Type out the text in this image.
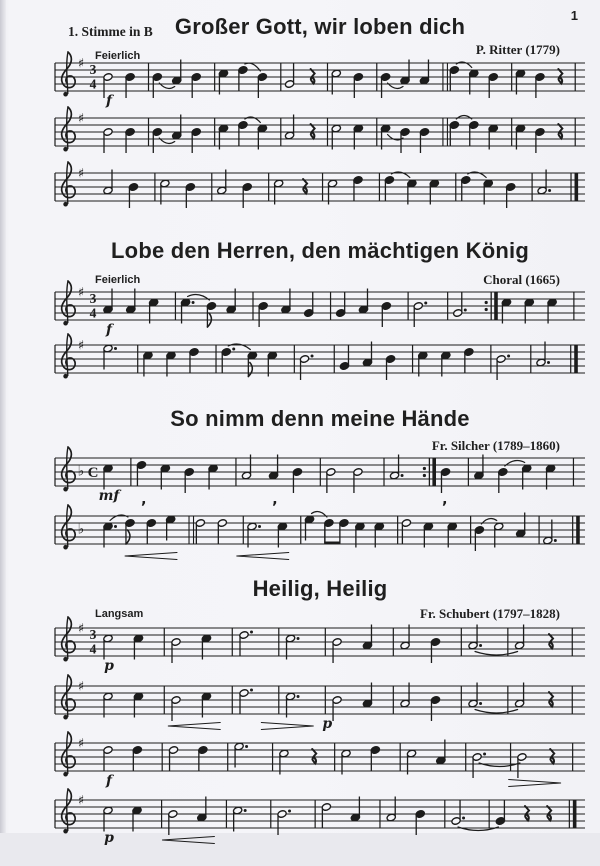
1
1. Stimme in B	Großer Gott, wir loben dich
Feierlich	P. Ritter (1779)
♯ 3
4
f
♯
♯
Lobe den Herren, den mächtigen König
Feierlich	Choral (1665)
♯ 3
4
f
♯
So nimm denn meine Hände
Fr. Silcher (1789–1860)
♭ C
mf
♭
’	’	’
Heilig, Heilig
Langsam	Fr. Schubert (1797–1828)
♯ 3
4
p
♯
p
♯
f
♯
p
